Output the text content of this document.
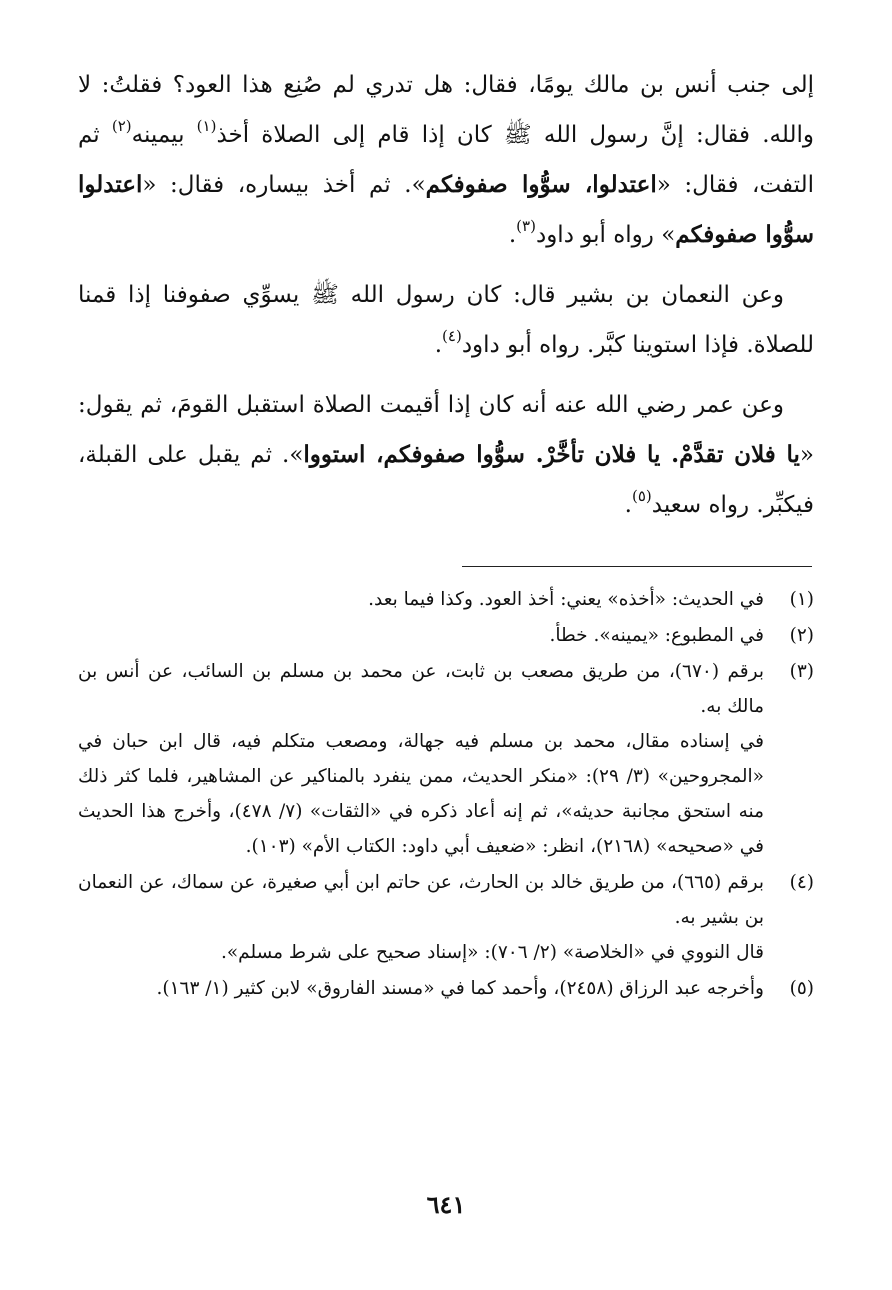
إلى جنب أنس بن مالك يومًا، فقال: هل تدري لم صُنِع هذا العود؟ فقلتُ: لا والله. فقال: إنَّ رسول الله ﷺ كان إذا قام إلى الصلاة أخذ$^{(١)}$ بيمينه$^{(٢)}$ ثم التفت، فقال: «اعتدلوا، سوُّوا صفوفكم». ثم أخذ بيساره، فقال: «اعتدلوا سوُّوا صفوفكم» رواه أبو داود$^{(٣)}$.

وعن النعمان بن بشير قال: كان رسول الله ﷺ يسوِّي صفوفنا إذا قمنا للصلاة. فإذا استوينا كبَّر. رواه أبو داود$^{(٤)}$.

وعن عمر رضي الله عنه أنه كان إذا أقيمت الصلاة استقبل القومَ، ثم يقول: «يا فلان تقدَّمْ. يا فلان تأخَّرْ. سوُّوا صفوفكم، استووا». ثم يقبل على القبلة، فيكبِّر. رواه سعيد$^{(٥)}$.

(١)

في الحديث: «أخذه» يعني: أخذ العود. وكذا فيما بعد.

(٢)

في المطبوع: «يمينه». خطأ.

(٣)

برقم (٦٧٠)، من طريق مصعب بن ثابت، عن محمد بن مسلم بن السائب، عن أنس بن مالك به.

في إسناده مقال، محمد بن مسلم فيه جهالة، ومصعب متكلم فيه، قال ابن حبان في «المجروحين» (٣/ ٢٩): «منكر الحديث، ممن ينفرد بالمناكير عن المشاهير، فلما كثر ذلك منه استحق مجانبة حديثه»، ثم إنه أعاد ذكره في «الثقات» (٧/ ٤٧٨)، وأخرج هذا الحديث في «صحيحه» (٢١٦٨)، انظر: «ضعيف أبي داود: الكتاب الأم» (١٠٣).

(٤)

برقم (٦٦٥)، من طريق خالد بن الحارث، عن حاتم ابن أبي صغيرة، عن سماك، عن النعمان بن بشير به.

قال النووي في «الخلاصة» (٢/ ٧٠٦): «إسناد صحيح على شرط مسلم».

(٥)

وأخرجه عبد الرزاق (٢٤٥٨)، وأحمد كما في «مسند الفاروق» لابن كثير (١/ ١٦٣).

٦٤١
